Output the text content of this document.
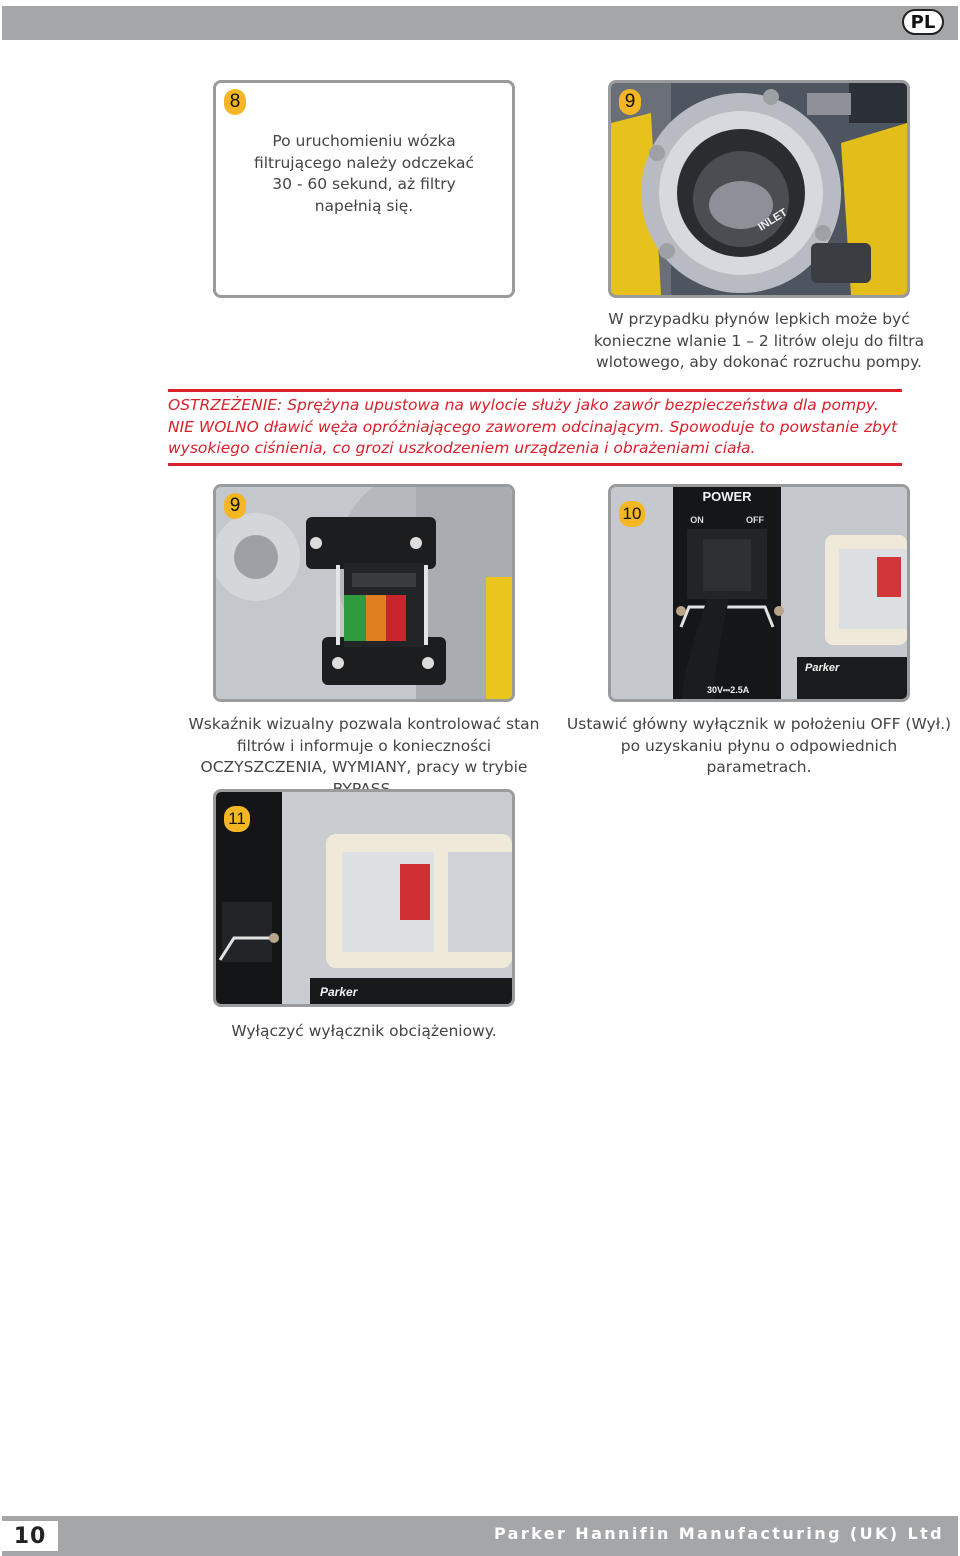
PL
8
Po uruchomieniu wózka filtrującego należy odczekać 30 - 60 sekund, aż filtry napełnią się.
INLET
9
W przypadku płynów lepkich może być konieczne wlanie 1 – 2 litrów oleju do filtra wlotowego, aby dokonać rozruchu pompy.
OSTRZEŻENIE: Sprężyna upustowa na wylocie służy jako zawór bezpieczeństwa dla pompy. NIE WOLNO dławić węża opróżniającego zaworem odcinającym. Spowoduje to powstanie zbyt wysokiego ciśnienia, co grozi uszkodzeniem urządzenia i obrażeniami ciała.
9	POWER
ON	OFF
Parker
30V⎓2.5A
10
Wskaźnik wizualny pozwala kontrolować stan filtrów i informuje o konieczności OCZYSZCZENIA, WYMIANY, pracy w trybie
Ustawić główny wyłącznik w położeniu OFF (Wył.) po uzyskaniu płynu o odpowiednich parametrach.
Parker
11
Wyłączyć wyłącznik obciążeniowy.
Parker Hannifin Manufacturing (UK) Ltd
10
